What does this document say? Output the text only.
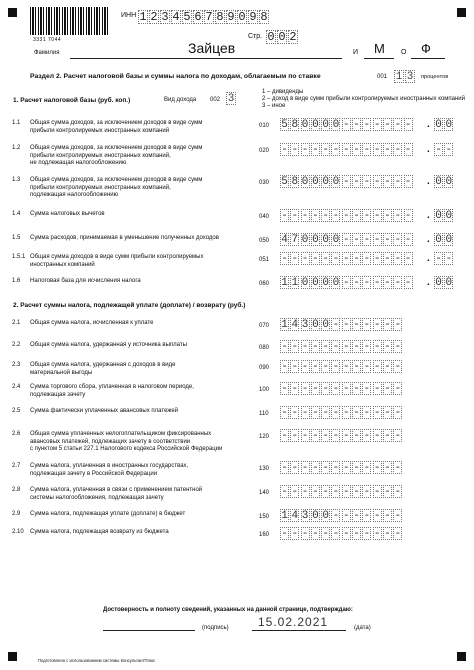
3331 7044
ИНН 1 2 3 4 5 6 7 8 9 0 9 8
Стр. 0 0 2
Фамилия	Зайцев	И М О Ф
Раздел 2. Расчет налоговой базы и суммы налога по доходам, облагаемым по ставке	001 1 3	процентов
1. Расчет налоговой базы (руб. коп.)	Вид дохода 002 3
1 – дивиденды
2 – доход в виде сумм прибыли контролируемых иностранных компаний
3 – иное
1.1 Общая сумма доходов, за исключением доходов в виде сумм
прибыли контролируемых иностранных компаний
010 5 8 0 0 0 0 - - - - - - - . 0 0
1.2 Общая сумма доходов, за исключением доходов в виде сумм
прибыли контролируемых иностранных компаний,
не подлежащая налогообложению
020 - - - - - - - - - - - - - . - -
1.3 Общая сумма доходов, за исключением доходов в виде сумм
прибыли контролируемых иностранных компаний,
подлежащая налогообложению
030 5 8 0 0 0 0 - - - - - - - . 0 0
1.4 Сумма налоговых вычетов	040 - - - - - - - - - - - - - . 0 0
1.5 Сумма расходов, принимаемая в уменьшение полученных доходов	050 4 7 0 0 0 0 - - - - - - - . 0 0
1.5.1 Общая сумма доходов в виде сумм прибыли контролируемых
иностранных компаний
051 - - - - - - - - - - - - - . - -
1.6 Налоговая база для исчисления налога	060 1 1 0 0 0 0 - - - - - - - . 0 0
2. Расчет суммы налога, подлежащей уплате (доплате) / возврату (руб.)
2.1 Общая сумма налога, исчисленная к уплате	070 1 4 3 0 0 - - - - - - -
2.2 Общая сумма налога, удержанная у источника выплаты	080 - - - - - - - - - - - -
2.3 Общая сумма налога, удержанная с доходов в виде
материальной выгоды
090 - - - - - - - - - - - -
2.4 Сумма торгового сбора, уплаченная в налоговом периоде,
подлежащая зачету
100 - - - - - - - - - - - -
2.5 Сумма фактически уплаченных авансовых платежей	110 - - - - - - - - - - - -
2.6 Общая сумма уплаченных нелогоплательщиком фиксированных
авансовых платежей, подлежащих зачету в соответствии
с пунктом 5 статьи 227.1 Налогового кодекса Российской Федерации
120 - - - - - - - - - - - -
2.7 Сумма налога, уплаченная в иностранных государствах,
подлежащая зачету в Российской Федерации
130 - - - - - - - - - - - -
2.8 Сумма налога, уплаченная в связи с применением патентной
системы налогообложения, подлежащая зачету
140 - - - - - - - - - - - -
2.9 Сумма налога, подлежащая уплате (доплате) в бюджет	150 1 4 3 0 0 - - - - - - -
2.10 Сумма налога, подлежащая возврату из бюджета	160 - - - - - - - - - - - -
Достоверность и полноту сведений, указанных на данной странице, подтверждаю:
(подпись) 15.02.2021	(дата)
Подготовлено с использованием системы КонсультантПлюс
